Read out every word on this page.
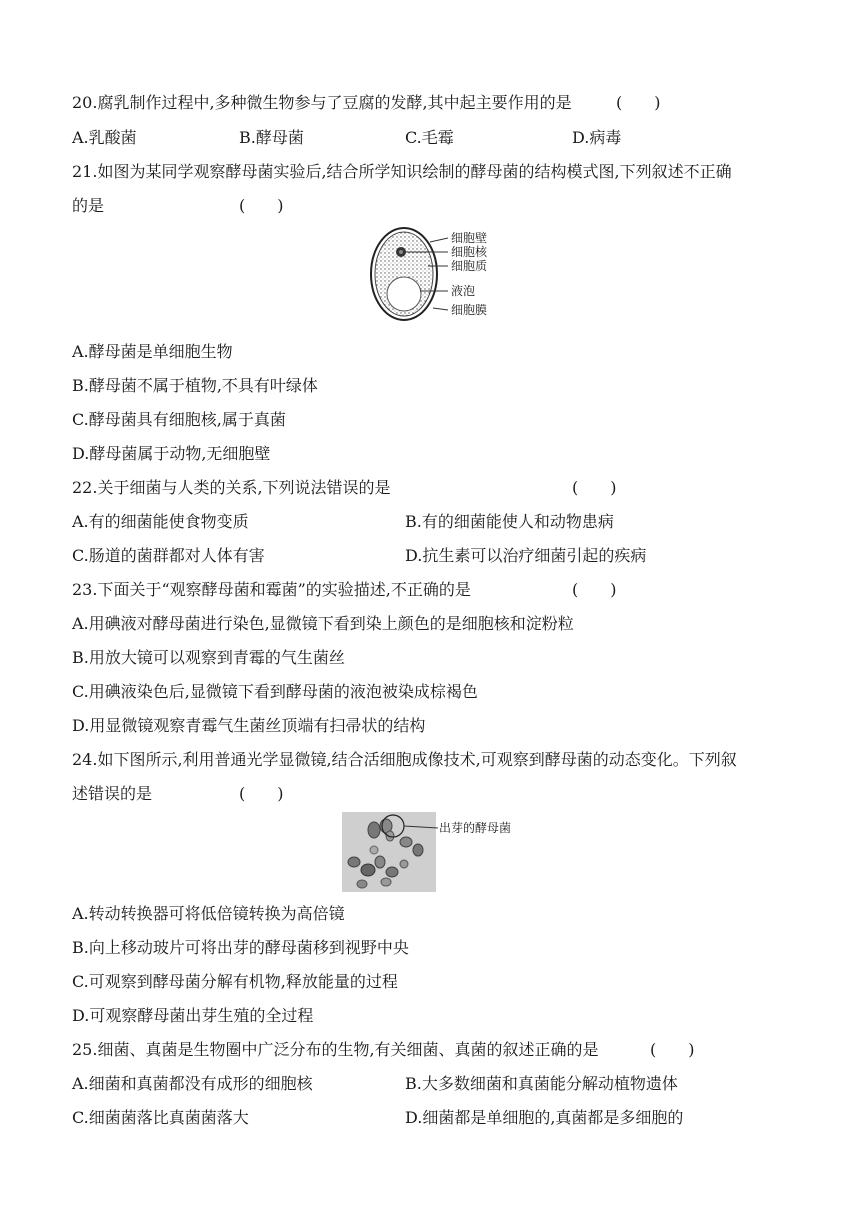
20.腐乳制作过程中,多种微生物参与了豆腐的发酵,其中起主要作用的是	(　　)
A.乳酸菌	B.酵母菌	C.毛霉	D.病毒
21.如图为某同学观察酵母菌实验后,结合所学知识绘制的酵母菌的结构模式图,下列叙述不正确
的是	(　　)
细胞壁
细胞核
细胞质
液泡
细胞膜
A.酵母菌是单细胞生物
B.酵母菌不属于植物,不具有叶绿体
C.酵母菌具有细胞核,属于真菌
D.酵母菌属于动物,无细胞壁
22.关于细菌与人类的关系,下列说法错误的是	(　　)
A.有的细菌能使食物变质	B.有的细菌能使人和动物患病
C.肠道的菌群都对人体有害	D.抗生素可以治疗细菌引起的疾病
23.下面关于“观察酵母菌和霉菌”的实验描述,不正确的是	(　　)
A.用碘液对酵母菌进行染色,显微镜下看到染上颜色的是细胞核和淀粉粒
B.用放大镜可以观察到青霉的气生菌丝
C.用碘液染色后,显微镜下看到酵母菌的液泡被染成棕褐色
D.用显微镜观察青霉气生菌丝顶端有扫帚状的结构
24.如下图所示,利用普通光学显微镜,结合活细胞成像技术,可观察到酵母菌的动态变化。下列叙
述错误的是	(　　)
出芽的酵母菌
A.转动转换器可将低倍镜转换为高倍镜
B.向上移动玻片可将出芽的酵母菌移到视野中央
C.可观察到酵母菌分解有机物,释放能量的过程
D.可观察酵母菌出芽生殖的全过程
25.细菌、真菌是生物圈中广泛分布的生物,有关细菌、真菌的叙述正确的是	(　　)
A.细菌和真菌都没有成形的细胞核	B.大多数细菌和真菌能分解动植物遗体
C.细菌菌落比真菌菌落大	D.细菌都是单细胞的,真菌都是多细胞的
